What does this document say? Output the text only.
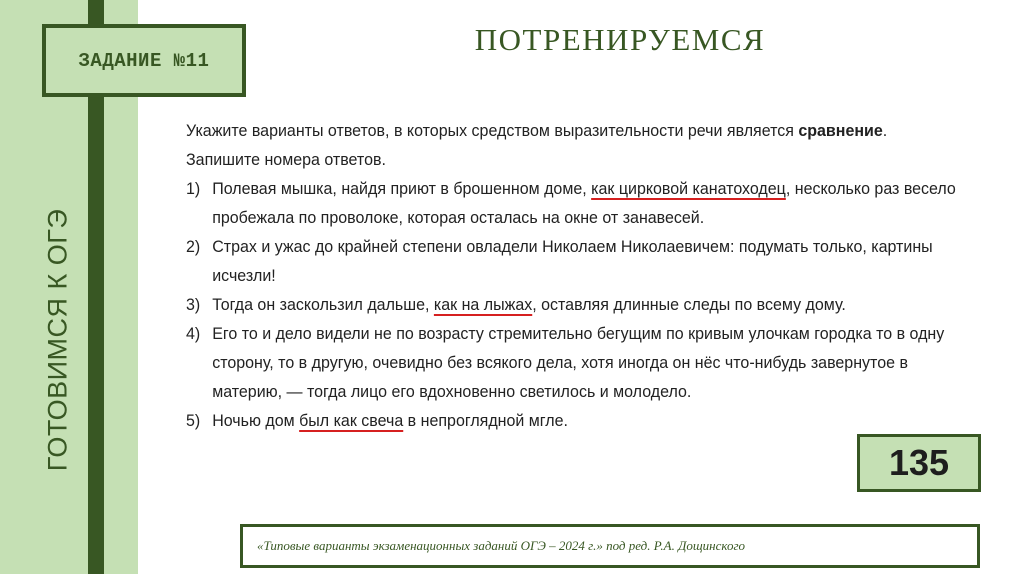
ГОТОВИМСЯ К ОГЭ
ЗАДАНИЕ №11
ПОТРЕНИРУЕМСЯ

Укажите варианты ответов, в которых средством выразительности речи является сравнение. Запишите номера ответов.

1) Полевая мышка, найдя приют в брошенном доме, как цирковой канатоходец, несколько раз весело пробежала по проволоке, которая осталась на окне от занавесей.
2) Страх и ужас до крайней степени овладели Николаем Николаевичем: подумать только, картины исчезли!
3) Тогда он заскользил дальше, как на лыжах, оставляя длинные следы по всему дому.
4) Его то и дело видели не по возрасту стремительно бегущим по кривым улочкам городка то в одну сторону, то в другую, очевидно без всякого дела, хотя иногда он нёс что-нибудь завернутое в материю, — тогда лицо его вдохновенно светилось и молодело.
5) Ночью дом был как свеча в непроглядной мгле.
135
«Типовые варианты экзаменационных заданий ОГЭ – 2024 г.» под ред. Р.А. Дощинского
